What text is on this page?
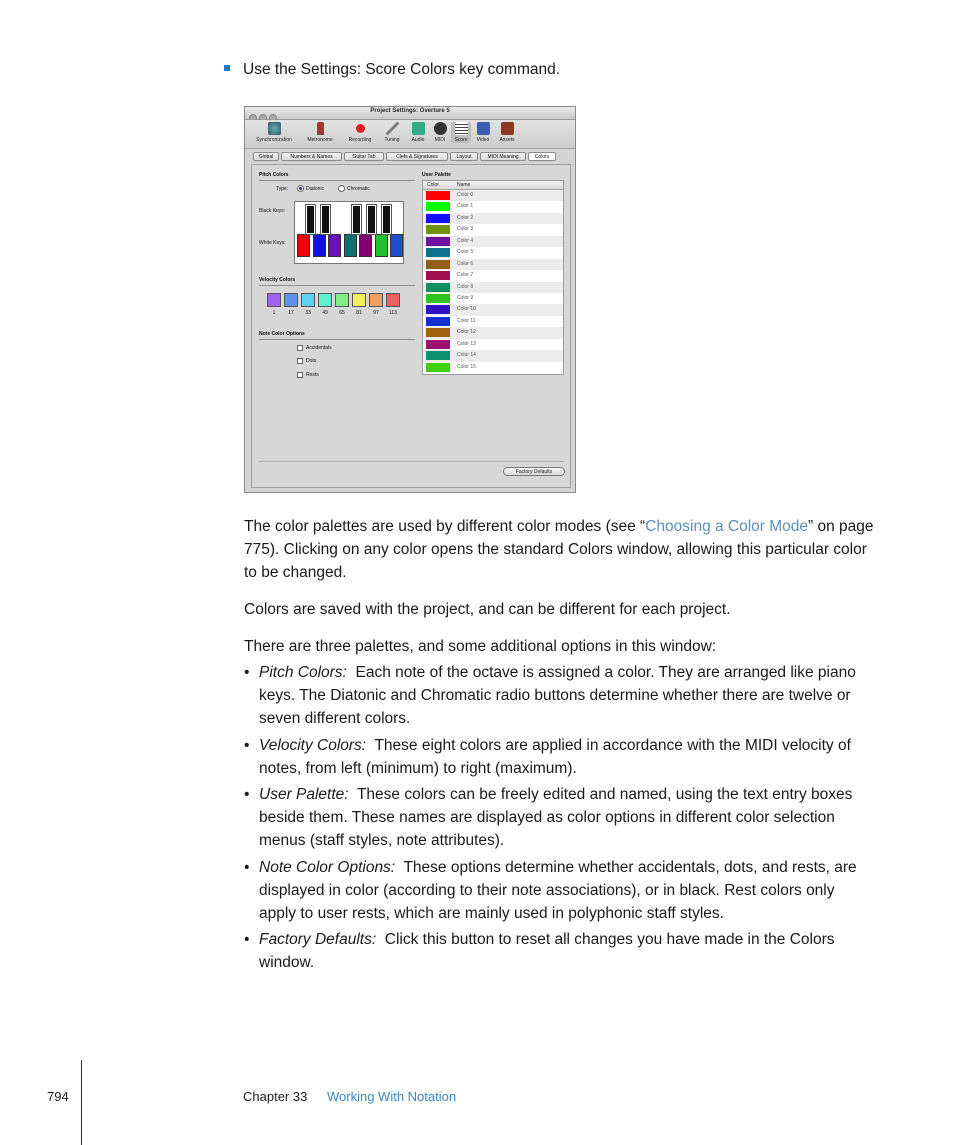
Use the Settings: Score Colors key command.
Project Settings: Overture 5
Synchronization	Metronome	Recording	Tuning	Audio	MIDI	Score	Video	Assets
Global	Numbers & Names	Guitar Tab	Clefs & Signatures	Layout	MIDI Meaning	Colors
Pitch Colors
Type:	Diatonic	Chromatic
Black Keys:
White Keys:
Velocity Colors
1	17	33	49	65	81	97	113
Note Color Options
Accidentals
Dots
Rests
User Palette
Color	Name
Color 0
Color 1
Color 2
Color 3
Color 4
Color 5
Color 6
Color 7
Color 8
Color 9
Color 10
Color 11
Color 12
Color 13
Color 14
Color 15
Factory Defaults
The color palettes are used by different color modes (see “Choosing a Color Mode” on page 775). Clicking on any color opens the standard Colors window, allowing this particular color to be changed.
Colors are saved with the project, and can be different for each project.
There are three palettes, and some additional options in this window:
• Pitch Colors: Each note of the octave is assigned a color. They are arranged like piano keys. The Diatonic and Chromatic radio buttons determine whether there are twelve or seven different colors.
• Velocity Colors: These eight colors are applied in accordance with the MIDI velocity of notes, from left (minimum) to right (maximum).
• User Palette: These colors can be freely edited and named, using the text entry boxes beside them. These names are displayed as color options in different color selection menus (staff styles, note attributes).
• Note Color Options: These options determine whether accidentals, dots, and rests, are displayed in color (according to their note associations), or in black. Rest colors only apply to user rests, which are mainly used in polyphonic staff styles.
• Factory Defaults: Click this button to reset all changes you have made in the Colors window.
794	Chapter 33 Working With Notation
